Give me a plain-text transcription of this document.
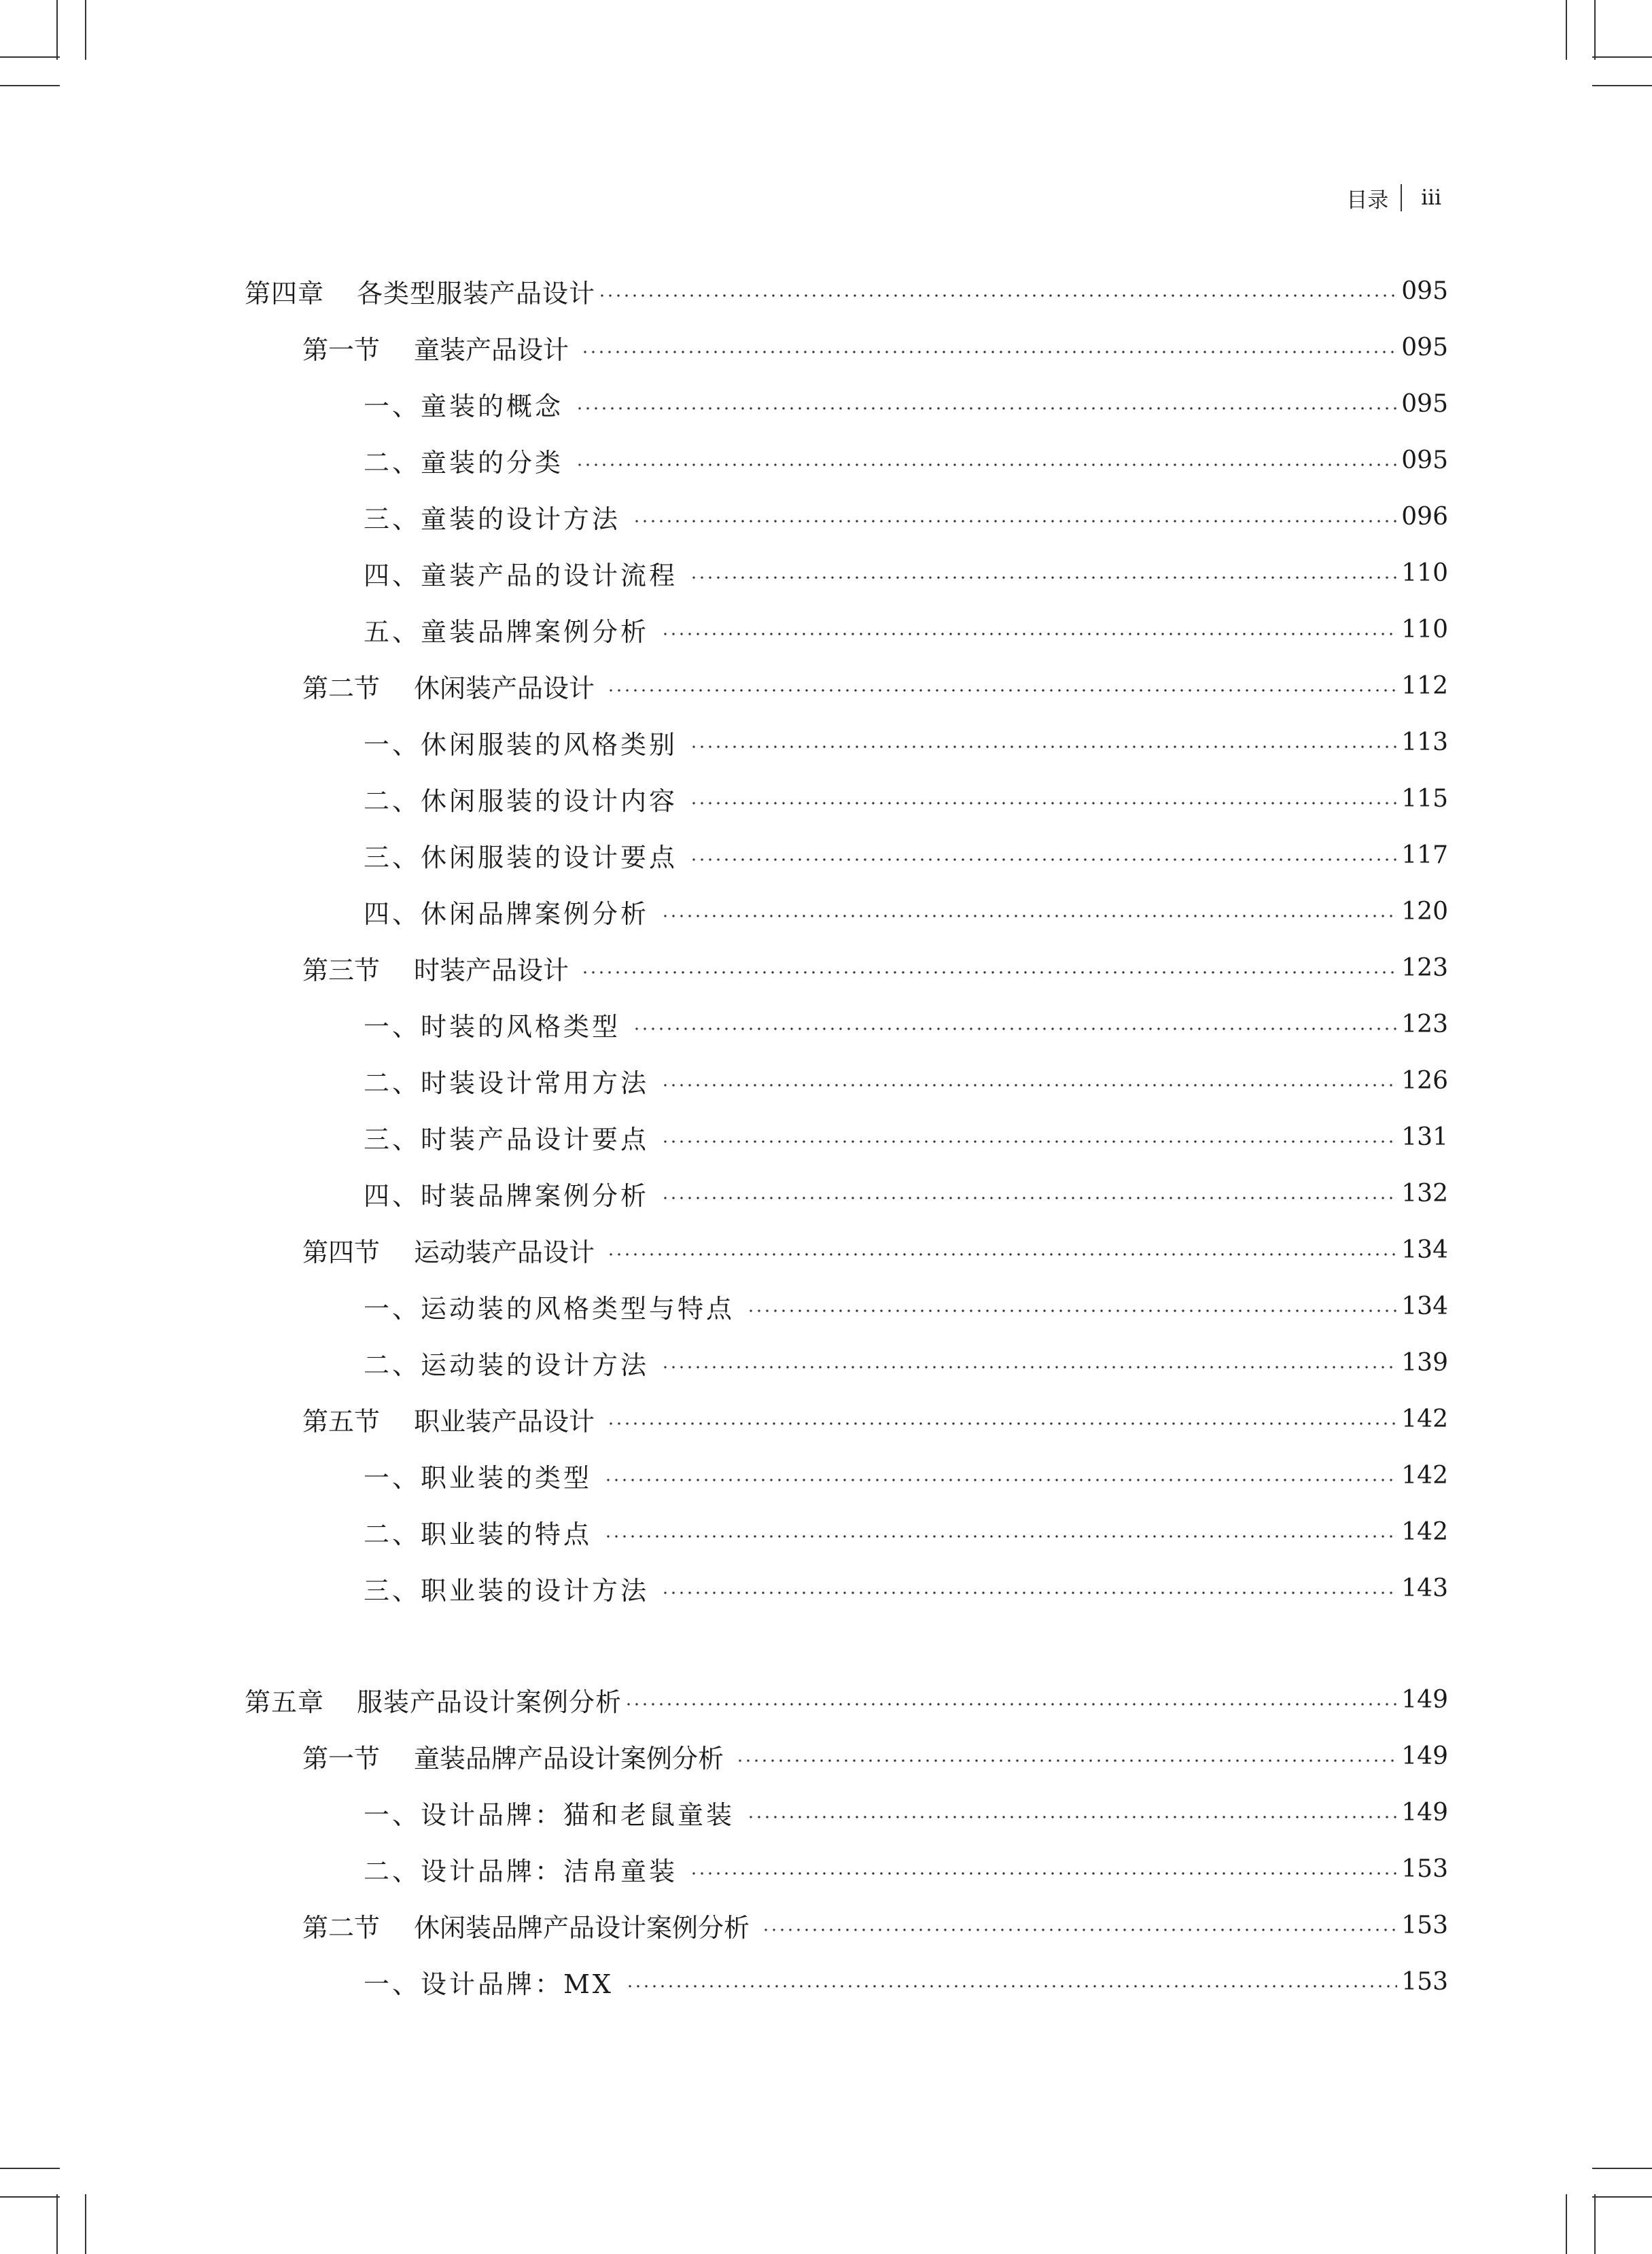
目录 iii
第四章 各类型服装产品设计	095
第一节 童装产品设计	095
一、童装的概念	095
二、童装的分类	095
三、童装的设计方法	096
四、童装产品的设计流程	110
五、童装品牌案例分析	110
第二节 休闲装产品设计	112
一、休闲服装的风格类别	113
二、休闲服装的设计内容	115
三、休闲服装的设计要点	117
四、休闲品牌案例分析	120
第三节 时装产品设计	123
一、时装的风格类型	123
二、时装设计常用方法	126
三、时装产品设计要点	131
四、时装品牌案例分析	132
第四节 运动装产品设计	134
一、运动装的风格类型与特点	134
二、运动装的设计方法	139
第五节 职业装产品设计	142
一、职业装的类型	142
二、职业装的特点	142
三、职业装的设计方法	143
第五章 服装产品设计案例分析	149
第一节 童装品牌产品设计案例分析	149
一、设计品牌：猫和老鼠童装	149
二、设计品牌：洁帛童装	153
第二节 休闲装品牌产品设计案例分析	153
一、设计品牌：MX	153
